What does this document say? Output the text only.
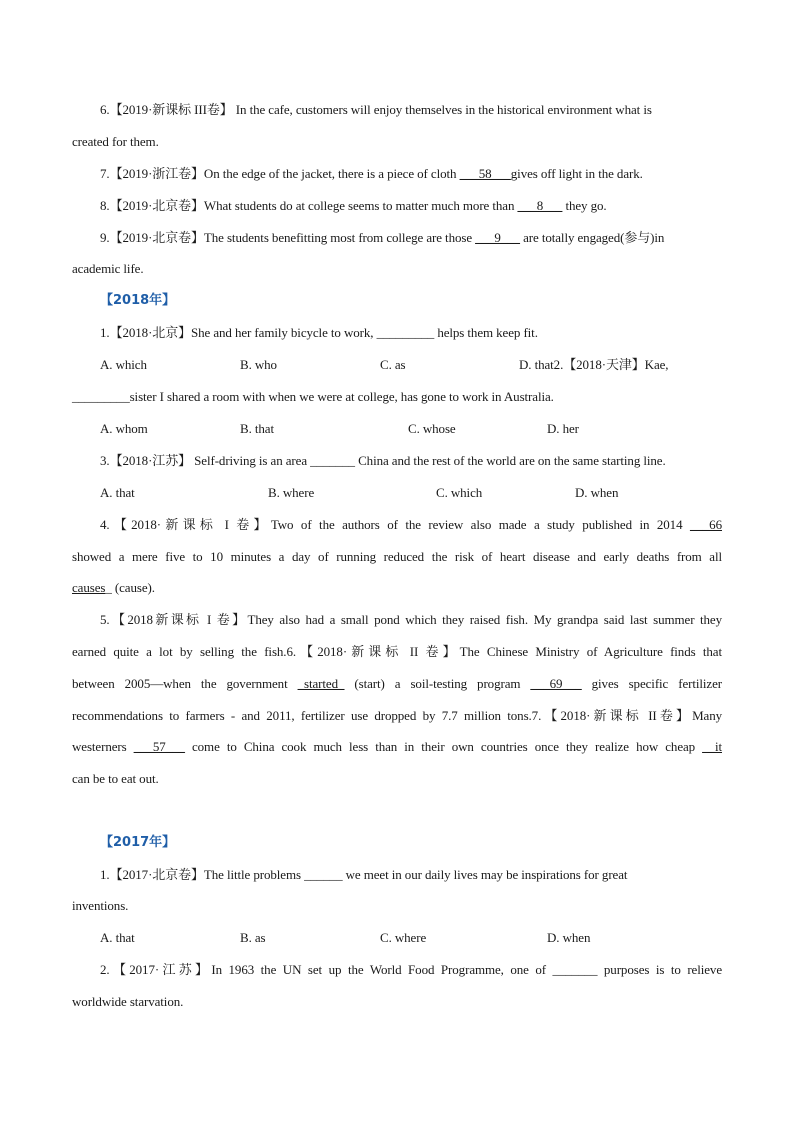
6.【2019·新课标 III卷】 In the cafe, customers will enjoy themselves in the historical environment what is
created for them.
7.【2019·浙江卷】On the edge of the jacket, there is a piece of cloth ___58___gives off light in the dark.
8.【2019·北京卷】What students do at college seems to matter much more than ___8___ they go.
9.【2019·北京卷】The students benefitting most from college are those ___9___ are totally engaged(参与)in
academic life.
【2018年】
1.【2018·北京】She and her family bicycle to work, _________ helps them keep fit.
A. which	B. who	C. as	D. that2.【2018·天津】Kae,
_________sister I shared a room with when we were at college, has gone to work in Australia.
A. whom	B. that	C. whose	D. her
3.【2018·江苏】 Self-driving is an area _______ China and the rest of the world are on the same starting line.
A. that	B. where	C. which	D. when
4.【2018·新课标 I 卷】Two of the authors of the review also made a study published in 2014 ___66
showed a mere five to 10 minutes a day of running reduced the risk of heart disease and early deaths from all
causes_ (cause).
5.【2018新课标 I 卷】They also had a small pond which they raised fish. My grandpa said last summer they
earned quite a lot by selling the fish.6.【2018·新课标 II 卷】The Chinese Ministry of Agriculture finds that
between 2005—when the government _started_ (start) a soil-testing program ___69___ gives specific fertilizer
recommendations to farmers - and 2011, fertilizer use dropped by 7.7 million tons.7.【2018·新课标 II卷】Many
westerners ___57___ come to China cook much less than in their own countries once they realize how cheap __it
can be to eat out.
【2017年】
1.【2017·北京卷】The little problems ______ we meet in our daily lives may be inspirations for great
inventions.
A. that	B. as	C. where	D. when
2.【2017·江苏】In 1963 the UN set up the World Food Programme, one of _______ purposes is to relieve
worldwide starvation.
